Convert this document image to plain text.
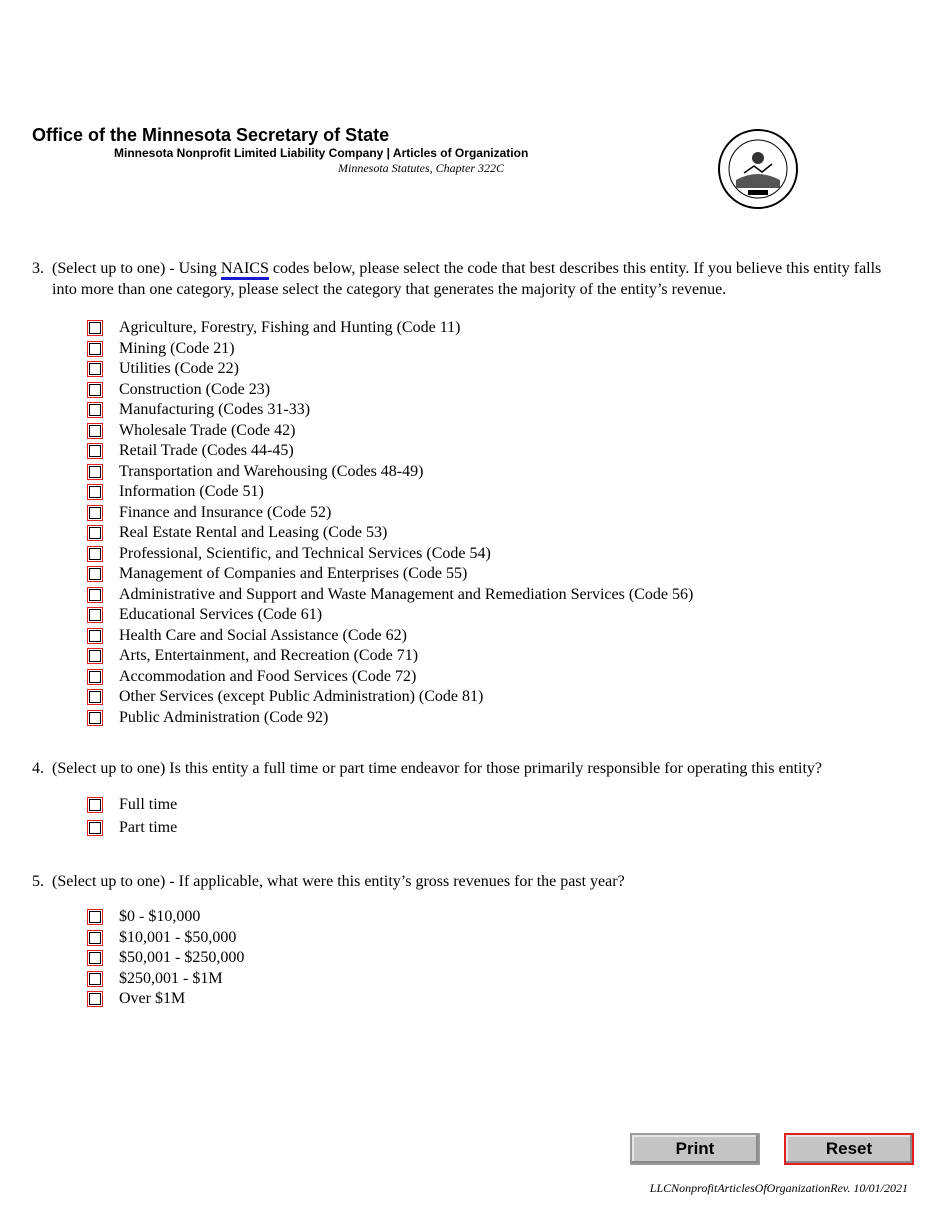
Office of the Minnesota Secretary of State
Minnesota Nonprofit Limited Liability Company | Articles of Organization
Minnesota Statutes, Chapter 322C
3. (Select up to one) - Using NAICS codes below, please select the code that best describes this entity. If you believe this entity falls into more than one category, please select the category that generates the majority of the entity’s revenue.
Agriculture, Forestry, Fishing and Hunting (Code 11)
Mining (Code 21)
Utilities (Code 22)
Construction (Code 23)
Manufacturing (Codes 31-33)
Wholesale Trade (Code 42)
Retail Trade (Codes 44-45)
Transportation and Warehousing (Codes 48-49)
Information (Code 51)
Finance and Insurance (Code 52)
Real Estate Rental and Leasing (Code 53)
Professional, Scientific, and Technical Services (Code 54)
Management of Companies and Enterprises (Code 55)
Administrative and Support and Waste Management and Remediation Services (Code 56)
Educational Services (Code 61)
Health Care and Social Assistance (Code 62)
Arts, Entertainment, and Recreation (Code 71)
Accommodation and Food Services (Code 72)
Other Services (except Public Administration) (Code 81)
Public Administration (Code 92)
4. (Select up to one) Is this entity a full time or part time endeavor for those primarily responsible for operating this entity?
Full time
Part time
5. (Select up to one) - If applicable, what were this entity’s gross revenues for the past year?
$0 - $10,000
$10,001 - $50,000
$50,001 - $250,000
$250,001 - $1M
Over $1M
Print	Reset
LLCNonprofitArticlesOfOrganizationRev. 10/01/2021
